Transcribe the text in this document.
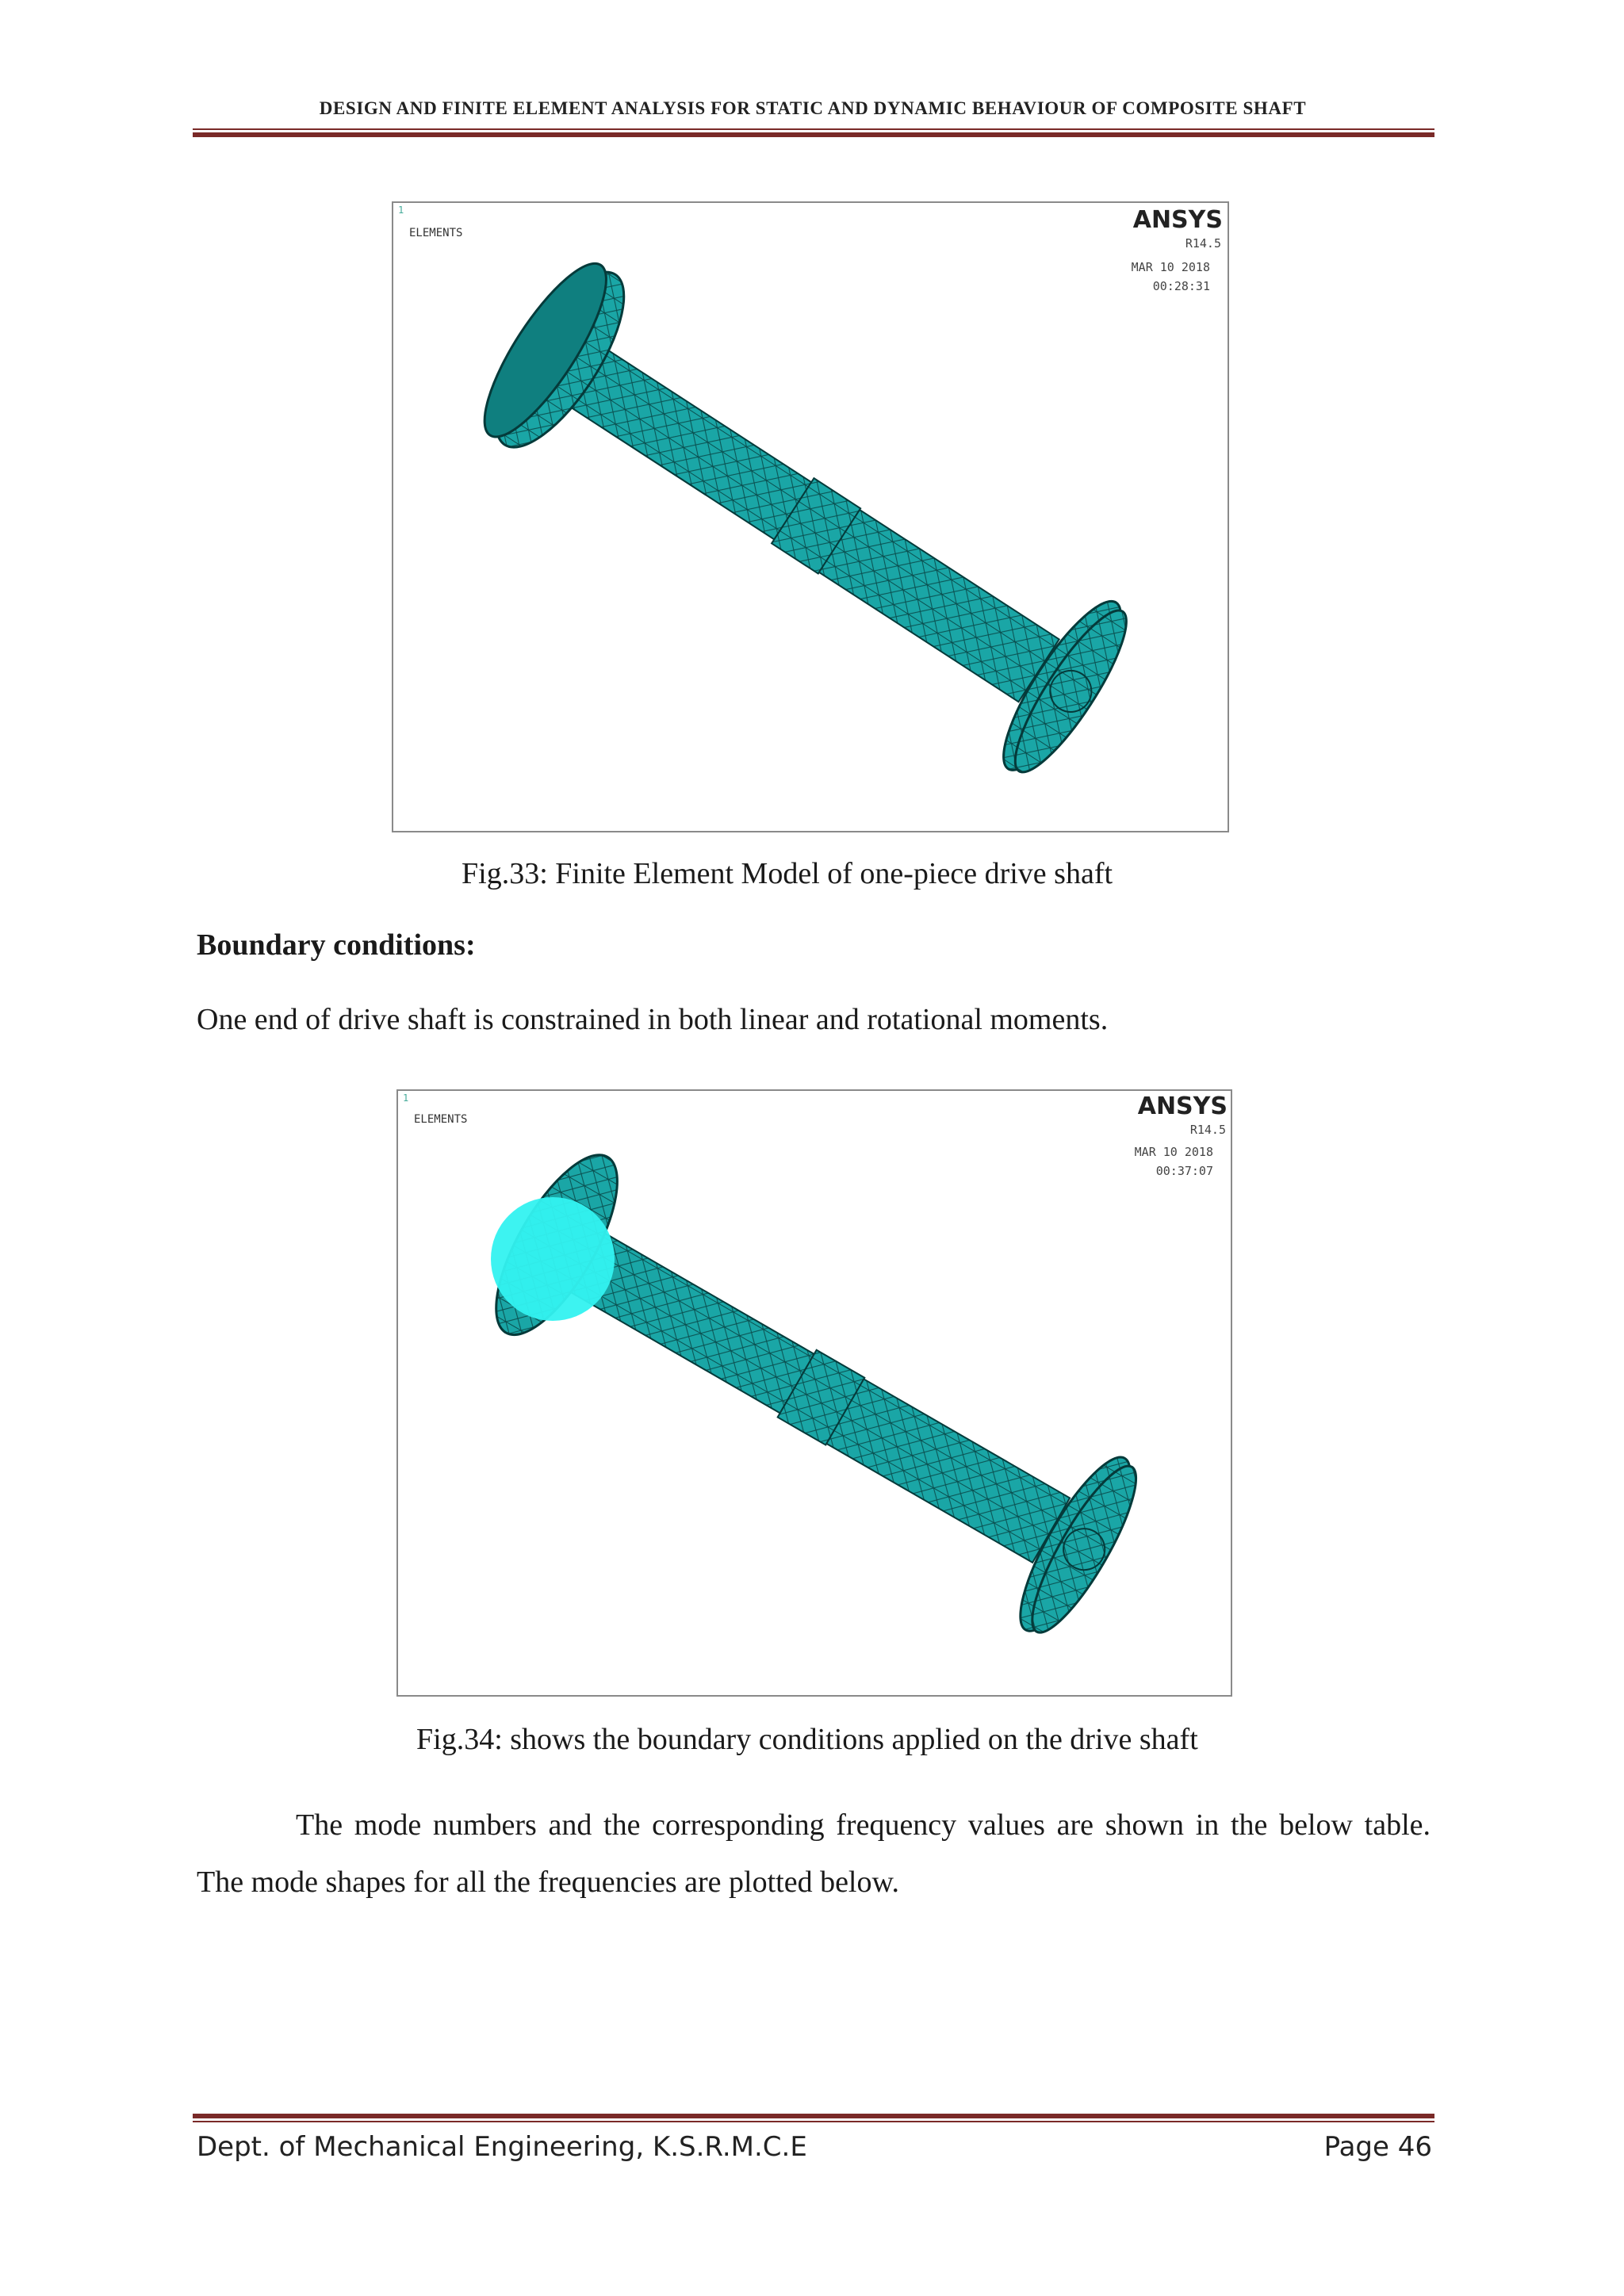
DESIGN AND FINITE ELEMENT ANALYSIS FOR STATIC AND DYNAMIC BEHAVIOUR OF COMPOSITE SHAFT
1
ELEMENTS	ANSYS
R14.5
MAR 10 2018
00:28:31
Fig.33: Finite Element Model of one-piece drive shaft
Boundary conditions:
One end of drive shaft is constrained in both linear and rotational moments.
1
ELEMENTS	ANSYS
R14.5
MAR 10 2018
00:37:07
Fig.34: shows the boundary conditions applied on the drive shaft
The mode numbers and the corresponding frequency values are shown in the below table. The mode shapes for all the frequencies are plotted below.
Dept. of Mechanical Engineering, K.S.R.M.C.E	Page 46
